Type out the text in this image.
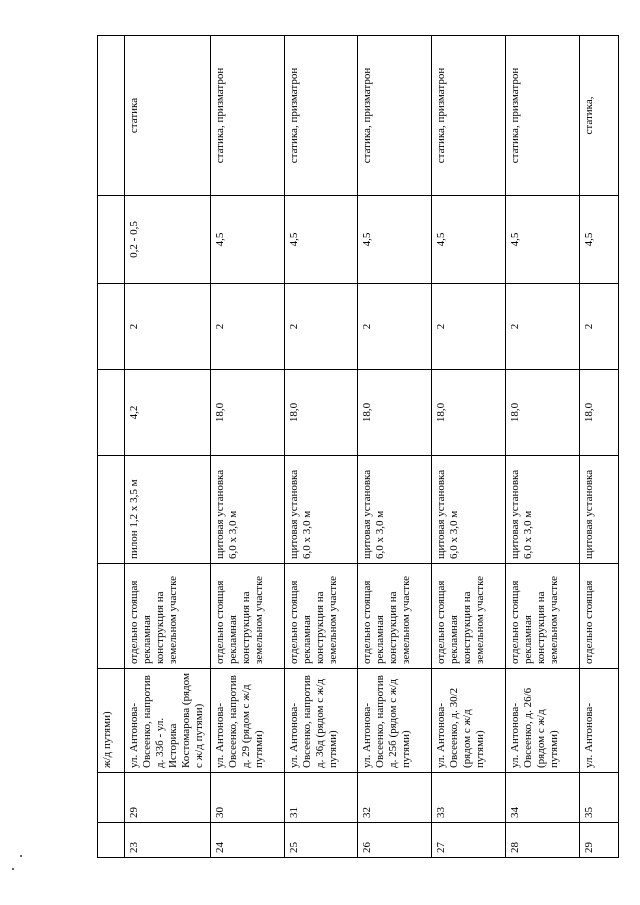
		ж/д путями)						
23	29	ул. Антонова-Овсеенко, напротив д. 33б - ул. Историка Костомарова (рядом с ж/д путями)	отдельно стоящая рекламная конструкция на земельном участке	пилон 1,2 х 3,5 м	4,2	2	0,2 - 0,5	статика
24	30	ул. Антонова-Овсеенко, напротив д. 29 (рядом с ж/д путями)	отдельно стоящая рекламная конструкция на земельном участке	щитовая установка 6,0 х 3,0 м	18,0	2	4,5	статика, призматрон
25	31	ул. Антонова-Овсеенко, напротив д. 36д (рядом с ж/д путями)	отдельно стоящая рекламная конструкция на земельном участке	щитовая установка 6,0 х 3,0 м	18,0	2	4,5	статика, призматрон
26	32	ул. Антонова-Овсеенко, напротив д. 25б (рядом с ж/д путями)	отдельно стоящая рекламная конструкция на земельном участке	щитовая установка 6,0 х 3,0 м	18,0	2	4,5	статика, призматрон
27	33	ул. Антонова-Овсеенко, д. 30/2 (рядом с ж/д путями)	отдельно стоящая рекламная конструкция на земельном участке	щитовая установка 6,0 х 3,0 м	18,0	2	4,5	статика, призматрон
28	34	ул. Антонова-Овсеенко, д. 26/6 (рядом с ж/д путями)	отдельно стоящая рекламная конструкция на земельном участке	щитовая установка 6,0 х 3,0 м	18,0	2	4,5	статика, призматрон
29	35	ул. Антонова-	отдельно стоящая	щитовая установка	18,0	2	4,5	статика,
